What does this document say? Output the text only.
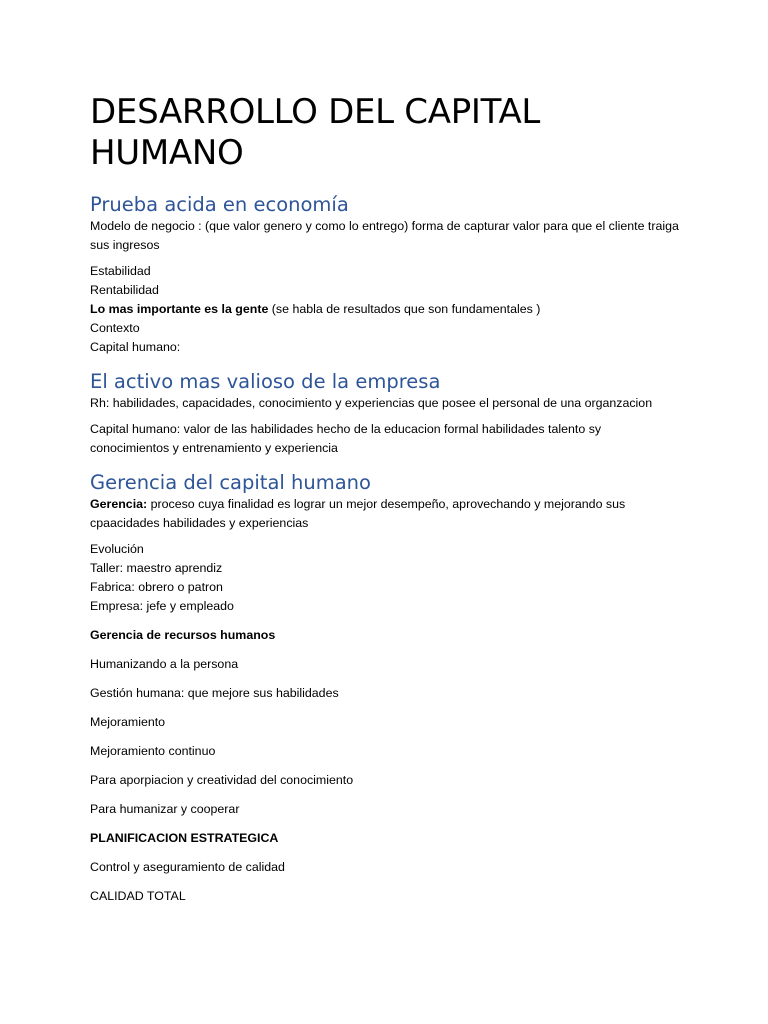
DESARROLLO DEL CAPITAL HUMANO
Prueba acida en economía

Modelo de negocio : (que valor genero y como lo entrego) forma de capturar valor para que el cliente traiga sus ingresos

Estabilidad

Rentabilidad

Lo mas importante es la gente (se habla de resultados que son fundamentales )

Contexto

Capital humano:

El activo mas valioso de la empresa

Rh: habilidades, capacidades, conocimiento y experiencias que posee el personal de una organzacion

Capital humano: valor de las habilidades hecho de la educacion formal habilidades talento sy conocimientos y entrenamiento y experiencia

Gerencia del capital humano

Gerencia: proceso cuya finalidad es lograr un mejor desempeño, aprovechando y mejorando sus cpaacidades habilidades y experiencias

Evolución

Taller: maestro aprendiz

Fabrica: obrero o patron

Empresa: jefe y empleado

Gerencia de recursos humanos

Humanizando a la persona

Gestión humana: que mejore sus habilidades

Mejoramiento

Mejoramiento continuo

Para aporpiacion y creatividad del conocimiento

Para humanizar y cooperar

PLANIFICACION ESTRATEGICA

Control y aseguramiento de calidad

CALIDAD TOTAL
